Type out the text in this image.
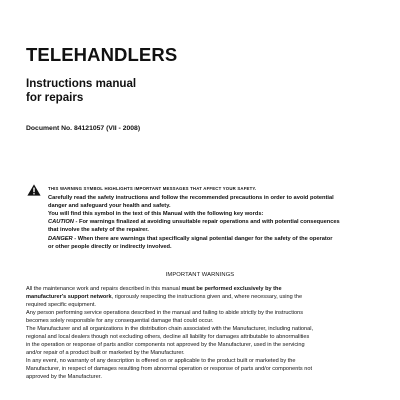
TELEHANDLERS
Instructions manual
for repairs
Document No. 84121057 (VII - 2008)

THIS WARNING SYMBOL HIGHLIGHTS IMPORTANT MESSAGES THAT AFFECT YOUR SAFETY.

Carefully read the safety instructions and follow the recommended precautions in order to avoid potential

danger and safeguard your health and safety.

You will find this symbol in the text of this Manual with the following key words:

CAUTION - For warnings finalized at avoiding unsuitable repair operations and with potential consequences

that involve the safety of the repairer.

DANGER - When there are warnings that specifically signal potential danger for the safety of the operator

or other people directly or indirectly involved.

IMPORTANT WARNINGS

All the maintenance work and repairs described in this manual must be performed exclusively by the

manufacturer's support network, rigorously respecting the instructions given and, where necessary, using the

required specific equipment.

Any person performing service operations described in the manual and failing to abide strictly by the instructions

becomes solely responsible for any consequential damage that could occur.

The Manufacturer and all organizations in the distribution chain associated with the Manufacturer, including national,

regional and local dealers though not excluding others, decline all liability for damages attributable to abnormalities

in the operation or response of parts and/or components not approved by the Manufacturer, used in the servicing

and/or repair of a product built or marketed by the Manufacturer.

In any event, no warranty of any description is offered on or applicable to the product built or marketed by the

Manufacturer, in respect of damages resulting from abnormal operation or response of parts and/or components not

approved by the Manufacturer.
